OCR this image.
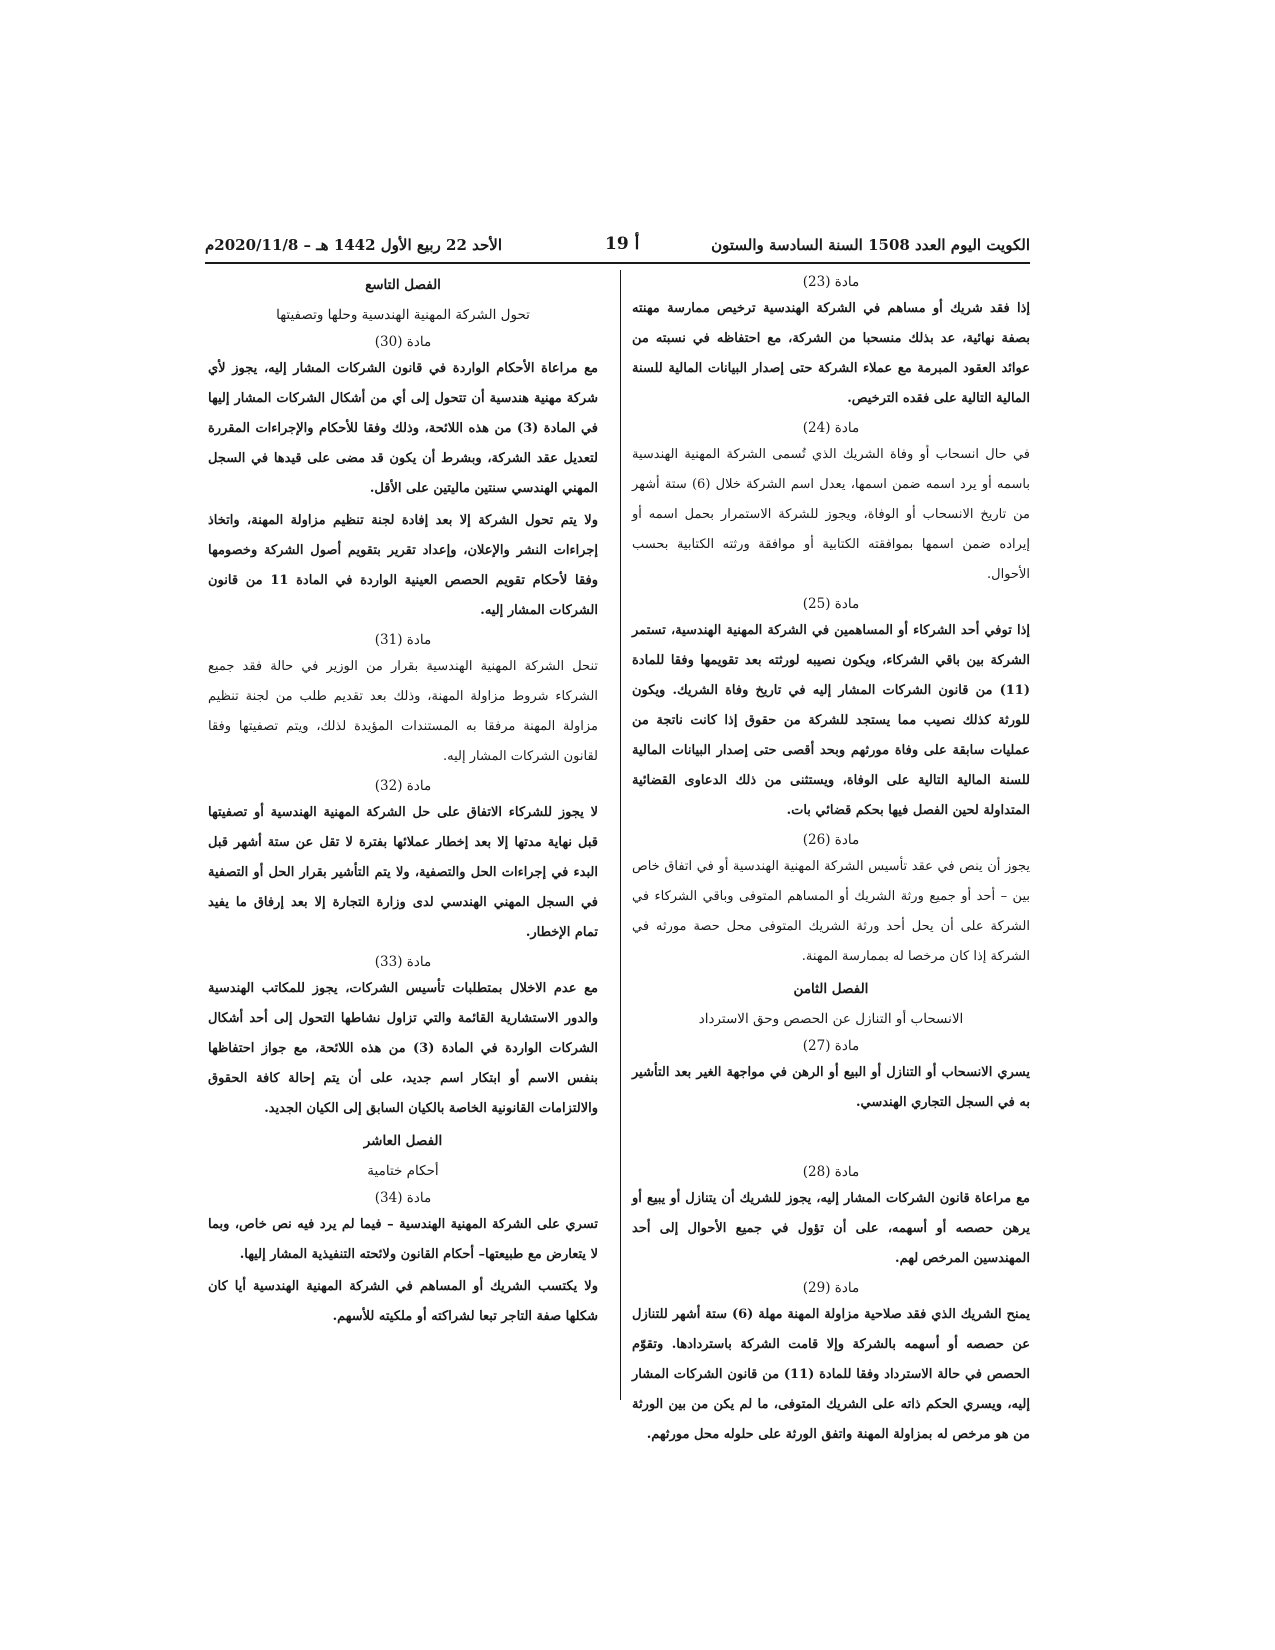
الأحد 22 ربيع الأول 1442 هـ – 2020/11/8م	19 أ	الكويت اليوم العدد 1508 السنة السادسة والستون

مادة (23)

إذا فقد شريك أو مساهم في الشركة الهندسية ترخيص ممارسة مهنته بصفة نهائية، عد بذلك منسحبا من الشركة، مع احتفاظه في نسبته من عوائد العقود المبرمة مع عملاء الشركة حتى إصدار البيانات المالية للسنة المالية التالية على فقده الترخيص.

مادة (24)

في حال انسحاب أو وفاة الشريك الذي تُسمى الشركة المهنية الهندسية باسمه أو يرد اسمه ضمن اسمها، يعدل اسم الشركة خلال (6) ستة أشهر من تاريخ الانسحاب أو الوفاة، ويجوز للشركة الاستمرار بحمل اسمه أو إيراده ضمن اسمها بموافقته الكتابية أو موافقة ورثته الكتابية بحسب الأحوال.

مادة (25)

إذا توفي أحد الشركاء أو المساهمين في الشركة المهنية الهندسية، تستمر الشركة بين باقي الشركاء، ويكون نصيبه لورثته بعد تقويمها وفقا للمادة (11) من قانون الشركات المشار إليه في تاريخ وفاة الشريك. ويكون للورثة كذلك نصيب مما يستجد للشركة من حقوق إذا كانت ناتجة من عمليات سابقة على وفاة مورثهم وبحد أقصى حتى إصدار البيانات المالية للسنة المالية التالية على الوفاة، ويستثنى من ذلك الدعاوى القضائية المتداولة لحين الفصل فيها بحكم قضائي بات.

مادة (26)

يجوز أن ينص في عقد تأسيس الشركة المهنية الهندسية أو في اتفاق خاص بين – أحد أو جميع ورثة الشريك أو المساهم المتوفى وباقي الشركاء في الشركة على أن يحل أحد ورثة الشريك المتوفى محل حصة مورثه في الشركة إذا كان مرخصا له بممارسة المهنة.

الفصل الثامن

الانسحاب أو التنازل عن الحصص وحق الاسترداد

مادة (27)

يسري الانسحاب أو التنازل أو البيع أو الرهن في مواجهة الغير بعد التأشير به في السجل التجاري الهندسي.

مادة (28)

مع مراعاة قانون الشركات المشار إليه، يجوز للشريك أن يتنازل أو يبيع أو يرهن حصصه أو أسهمه، على أن تؤول في جميع الأحوال إلى أحد المهندسين المرخص لهم.

مادة (29)

يمنح الشريك الذي فقد صلاحية مزاولة المهنة مهلة (6) ستة أشهر للتنازل عن حصصه أو أسهمه بالشركة وإلا قامت الشركة باستردادها. وتقوّم الحصص في حالة الاسترداد وفقا للمادة (11) من قانون الشركات المشار إليه، ويسري الحكم ذاته على الشريك المتوفى، ما لم يكن من بين الورثة من هو مرخص له بمزاولة المهنة واتفق الورثة على حلوله محل مورثهم.

الفصل التاسع

تحول الشركة المهنية الهندسية وحلها وتصفيتها

مادة (30)

مع مراعاة الأحكام الواردة في قانون الشركات المشار إليه، يجوز لأي شركة مهنية هندسية أن تتحول إلى أي من أشكال الشركات المشار إليها في المادة (3) من هذه اللائحة، وذلك وفقا للأحكام والإجراءات المقررة لتعديل عقد الشركة، وبشرط أن يكون قد مضى على قيدها في السجل المهني الهندسي سنتين ماليتين على الأقل.

ولا يتم تحول الشركة إلا بعد إفادة لجنة تنظيم مزاولة المهنة، واتخاذ إجراءات النشر والإعلان، وإعداد تقرير بتقويم أصول الشركة وخصومها وفقا لأحكام تقويم الحصص العينية الواردة في المادة 11 من قانون الشركات المشار إليه.

مادة (31)

تنحل الشركة المهنية الهندسية بقرار من الوزير في حالة فقد جميع الشركاء شروط مزاولة المهنة، وذلك بعد تقديم طلب من لجنة تنظيم مزاولة المهنة مرفقا به المستندات المؤيدة لذلك، ويتم تصفيتها وفقا لقانون الشركات المشار إليه.

مادة (32)

لا يجوز للشركاء الاتفاق على حل الشركة المهنية الهندسية أو تصفيتها قبل نهاية مدتها إلا بعد إخطار عملائها بفترة لا تقل عن ستة أشهر قبل البدء في إجراءات الحل والتصفية، ولا يتم التأشير بقرار الحل أو التصفية في السجل المهني الهندسي لدى وزارة التجارة إلا بعد إرفاق ما يفيد تمام الإخطار.

مادة (33)

مع عدم الاخلال بمتطلبات تأسيس الشركات، يجوز للمكاتب الهندسية والدور الاستشارية القائمة والتي تزاول نشاطها التحول إلى أحد أشكال الشركات الواردة في المادة (3) من هذه اللائحة، مع جواز احتفاظها بنفس الاسم أو ابتكار اسم جديد، على أن يتم إحالة كافة الحقوق والالتزامات القانونية الخاصة بالكيان السابق إلى الكيان الجديد.

الفصل العاشر

أحكام ختامية

مادة (34)

تسري على الشركة المهنية الهندسية – فيما لم يرد فيه نص خاص، وبما لا يتعارض مع طبيعتها– أحكام القانون ولائحته التنفيذية المشار إليها.

ولا يكتسب الشريك أو المساهم في الشركة المهنية الهندسية أيا كان شكلها صفة التاجر تبعا لشراكته أو ملكيته للأسهم.
